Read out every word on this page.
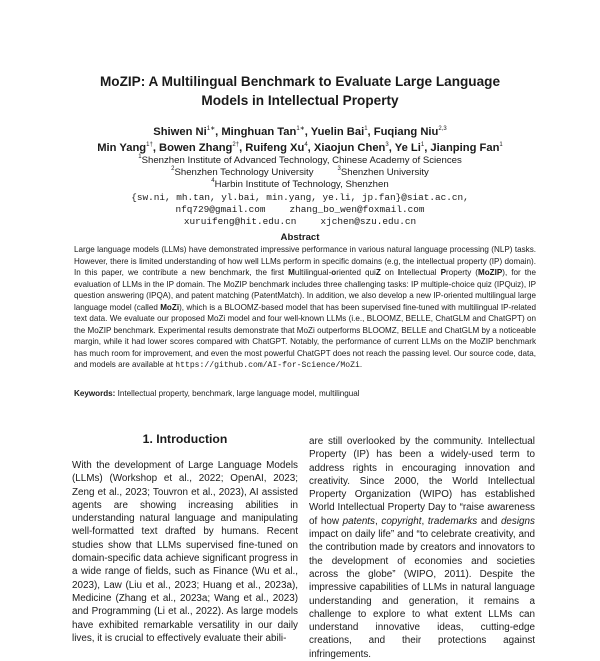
MoZIP: A Multilingual Benchmark to Evaluate Large Language
Models in Intellectual Property
Shiwen $Ni^{1∗}$, Minghuan Tan$^{1∗}$, Yuelin Bai$^1$, Fuqiang Niu$^{2,3}$
Min Yang$^{1\dagger}$, Bowen Zhang$^{2\dagger}$, Ruifeng Xu$^4$, Xiaojun Chen$^3$, Ye Li$^1$, Jianping Fan$^1$
$^1$Shenzhen Institute of Advanced Technology, Chinese Academy of Sciences
$^2$Shenzhen Technology University	$^3$Shenzhen University
$^4$Harbin Institute of Technology, Shenzhen
{sw.ni, mh.tan, yl.bai, min.yang, ye.li, jp.fan}@siat.ac.cn,
nfq729@gmail.com	zhang_bo_wen@foxmail.com
xuruifeng@hit.edu.cn	xjchen@szu.edu.cn
Abstract
Large language models (LLMs) have demonstrated impressive performance in various natural language processing (NLP) tasks. However, there is limited understanding of how well LLMs perform in specific domains (e.g, the intellectual property (IP) domain). In this paper, we contribute a new benchmark, the first Multilingual-oriented quiZ on Intellectual Property (MoZIP), for the evaluation of LLMs in the IP domain. The MoZIP benchmark includes three challenging tasks: IP multiple-choice quiz (IPQuiz), IP question answering (IPQA), and patent matching (PatentMatch). In addition, we also develop a new IP-oriented multilingual large language model (called MoZi), which is a BLOOMZ-based model that has been supervised fine-tuned with multilingual IP-related text data. We evaluate our proposed MoZi model and four well-known LLMs (i.e., BLOOMZ, BELLE, ChatGLM and ChatGPT) on the MoZIP benchmark. Experimental results demonstrate that MoZi outperforms BLOOMZ, BELLE and ChatGLM by a noticeable margin, while it had lower scores compared with ChatGPT. Notably, the performance of current LLMs on the MoZIP benchmark has much room for improvement, and even the most powerful ChatGPT does not reach the passing level. Our source code, data, and models are available at https://github.com/AI-for-Science/MoZi.
Keywords: Intellectual property, benchmark, large language model, multilingual
1. Introduction
With the development of Large Language Models (LLMs) (Workshop et al., 2022; OpenAI, 2023; Zeng et al., 2023; Touvron et al., 2023), AI assisted agents are showing increasing abilities in understanding natural language and manipulating well-formatted text drafted by humans. Recent studies show that LLMs supervised fine-tuned on domain-specific data achieve significant progress in a wide range of fields, such as Finance (Wu et al., 2023), Law (Liu et al., 2023; Huang et al., 2023a), Medicine (Zhang et al., 2023a; Wang et al., 2023) and Programming (Li et al., 2022). As large models have exhibited remarkable versatility in our daily lives, it is crucial to effectively evaluate their abili-
are still overlooked by the community. Intellectual Property (IP) has been a widely-used term to address rights in encouraging innovation and creativity. Since 2000, the World Intellectual Property Organization (WIPO) has established World Intellectual Property Day to “raise awareness of how patents, copyright, trademarks and designs impact on daily life” and “to celebrate creativity, and the contribution made by creators and innovators to the development of economies and societies across the globe” (WIPO, 2011). Despite the impressive capabilities of LLMs in natural language understanding and generation, it remains a challenge to explore to what extent LLMs can understand innovative ideas, cutting-edge creations, and their protections against infringements.
